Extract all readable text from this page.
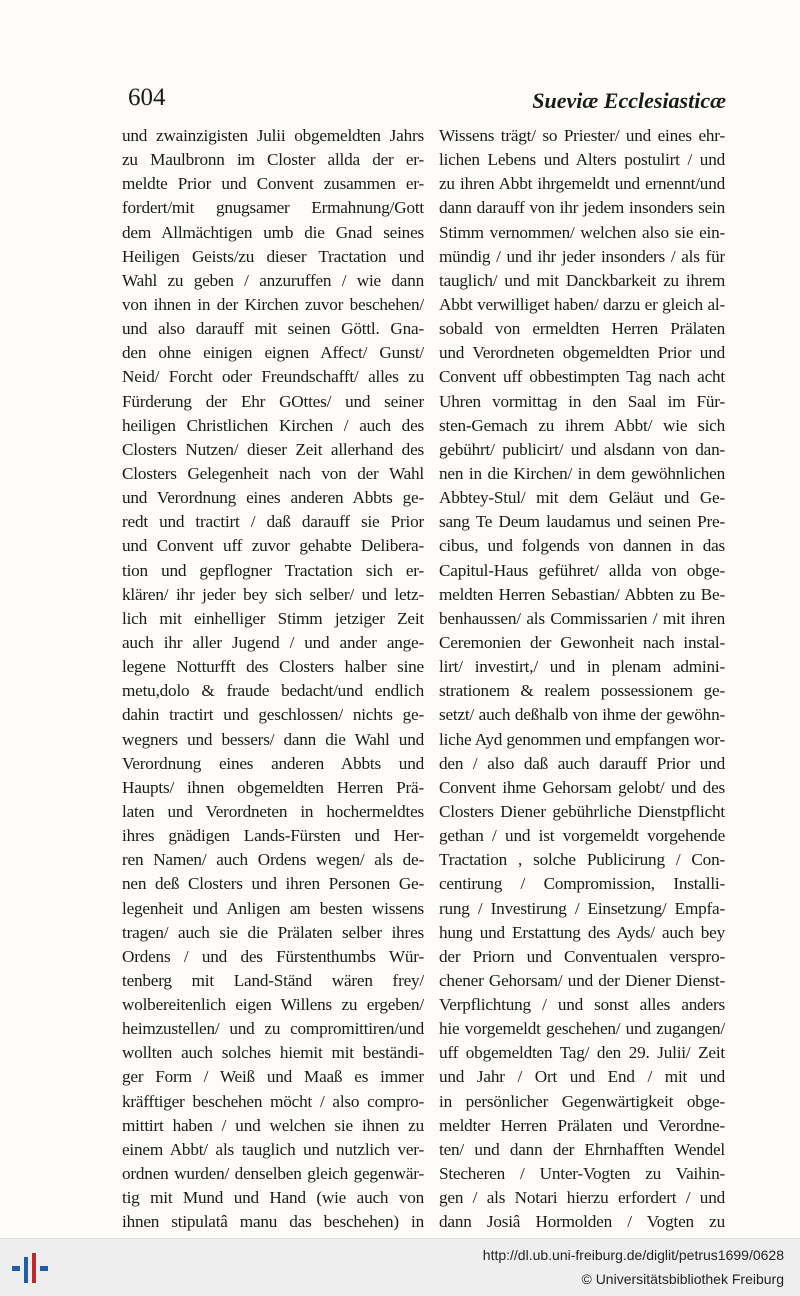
604	Sueviæ Ecclesiasticæ
und zwainzigisten Julii obgemeldten Jahrs
zu Maulbronn im Closter allda der er-
meldte Prior und Convent zusammen er-
fordert/mit gnugsamer Ermahnung/Gott
dem Allmächtigen umb die Gnad seines
Heiligen Geists/zu dieser Tractation und
Wahl zu geben / anzuruffen / wie dann
von ihnen in der Kirchen zuvor beschehen/
und also darauff mit seinen Göttl. Gna-
den ohne einigen eignen Affect/ Gunst/
Neid/ Forcht oder Freundschafft/ alles zu
Fürderung der Ehr GOttes/ und seiner
heiligen Christlichen Kirchen / auch des
Closters Nutzen/ dieser Zeit allerhand des
Closters Gelegenheit nach von der Wahl
und Verordnung eines anderen Abbts ge-
redt und tractirt / daß darauff sie Prior
und Convent uff zuvor gehabte Delibera-
tion und gepflogner Tractation sich er-
klären/ ihr jeder bey sich selber/ und letz-
lich mit einhelliger Stimm jetziger Zeit
auch ihr aller Jugend / und ander ange-
legene Notturfft des Closters halber sine
metu,dolo & fraude bedacht/und endlich
dahin tractirt und geschlossen/ nichts ge-
wegners und bessers/ dann die Wahl und
Verordnung eines anderen Abbts und
Haupts/ ihnen obgemeldten Herren Prä-
laten und Verordneten in hochermeldtes
ihres gnädigen Lands-Fürsten und Her-
ren Namen/ auch Ordens wegen/ als de-
nen deß Closters und ihren Personen Ge-
legenheit und Anligen am besten wissens
tragen/ auch sie die Prälaten selber ihres
Ordens / und des Fürstenthumbs Wür-
tenberg mit Land-Ständ wären frey/
wolbereitenlich eigen Willens zu ergeben/
heimzustellen/ und zu compromittiren/und
wollten auch solches hiemit mit beständi-
ger Form / Weiß und Maaß es immer
kräfftiger beschehen möcht / also compro-
mittirt haben / und welchen sie ihnen zu
einem Abbt/ als tauglich und nutzlich ver-
ordnen wurden/ denselben gleich gegenwär-
tig mit Mund und Hand (wie auch von
ihnen stipulatâ manu das beschehen) in
Wissens trägt/ so Priester/ und eines ehr-
lichen Lebens und Alters postulirt / und
zu ihren Abbt ihrgemeldt und ernennt/und
dann darauff von ihr jedem insonders sein
Stimm vernommen/ welchen also sie ein-
mündig / und ihr jeder insonders / als für
tauglich/ und mit Danckbarkeit zu ihrem
Abbt verwilliget haben/ darzu er gleich al-
sobald von ermeldten Herren Prälaten
und Verordneten obgemeldten Prior und
Convent uff obbestimpten Tag nach acht
Uhren vormittag in den Saal im Für-
sten-Gemach zu ihrem Abbt/ wie sich
gebührt/ publicirt/ und alsdann von dan-
nen in die Kirchen/ in dem gewöhnlichen
Abbtey-Stul/ mit dem Geläut und Ge-
sang Te Deum laudamus und seinen Pre-
cibus, und folgends von dannen in das
Capitul-Haus geführet/ allda von obge-
meldten Herren Sebastian/ Abbten zu Be-
benhaussen/ als Commissarien / mit ihren
Ceremonien der Gewonheit nach instal-
lirt/ investirt,/ und in plenam admini-
strationem & realem possessionem ge-
setzt/ auch deßhalb von ihme der gewöhn-
liche Ayd genommen und empfangen wor-
den / also daß auch darauff Prior und
Convent ihme Gehorsam gelobt/ und des
Closters Diener gebührliche Dienstpflicht
gethan / und ist vorgemeldt vorgehende
Tractation , solche Publicirung / Con-
centirung / Compromission, Installi-
rung / Investirung / Einsetzung/ Empfa-
hung und Erstattung des Ayds/ auch bey
der Priorn und Conventualen verspro-
chener Gehorsam/ und der Diener Dienst-
Verpflichtung / und sonst alles anders
hie vorgemeldt geschehen/ und zugangen/
uff obgemeldten Tag/ den 29. Julii/ Zeit
und Jahr / Ort und End / mit und
in persönlicher Gegenwärtigkeit obge-
meldter Herren Prälaten und Verordne-
ten/ und dann der Ehrnhafften Wendel
Stecheren / Unter-Vogten zu Vaihin-
gen / als Notari hierzu erfordert / und
dann Josiâ Hormolden / Vogten zu
http://dl.ub.uni-freiburg.de/diglit/petrus1699/0628
© Universitätsbibliothek Freiburg
